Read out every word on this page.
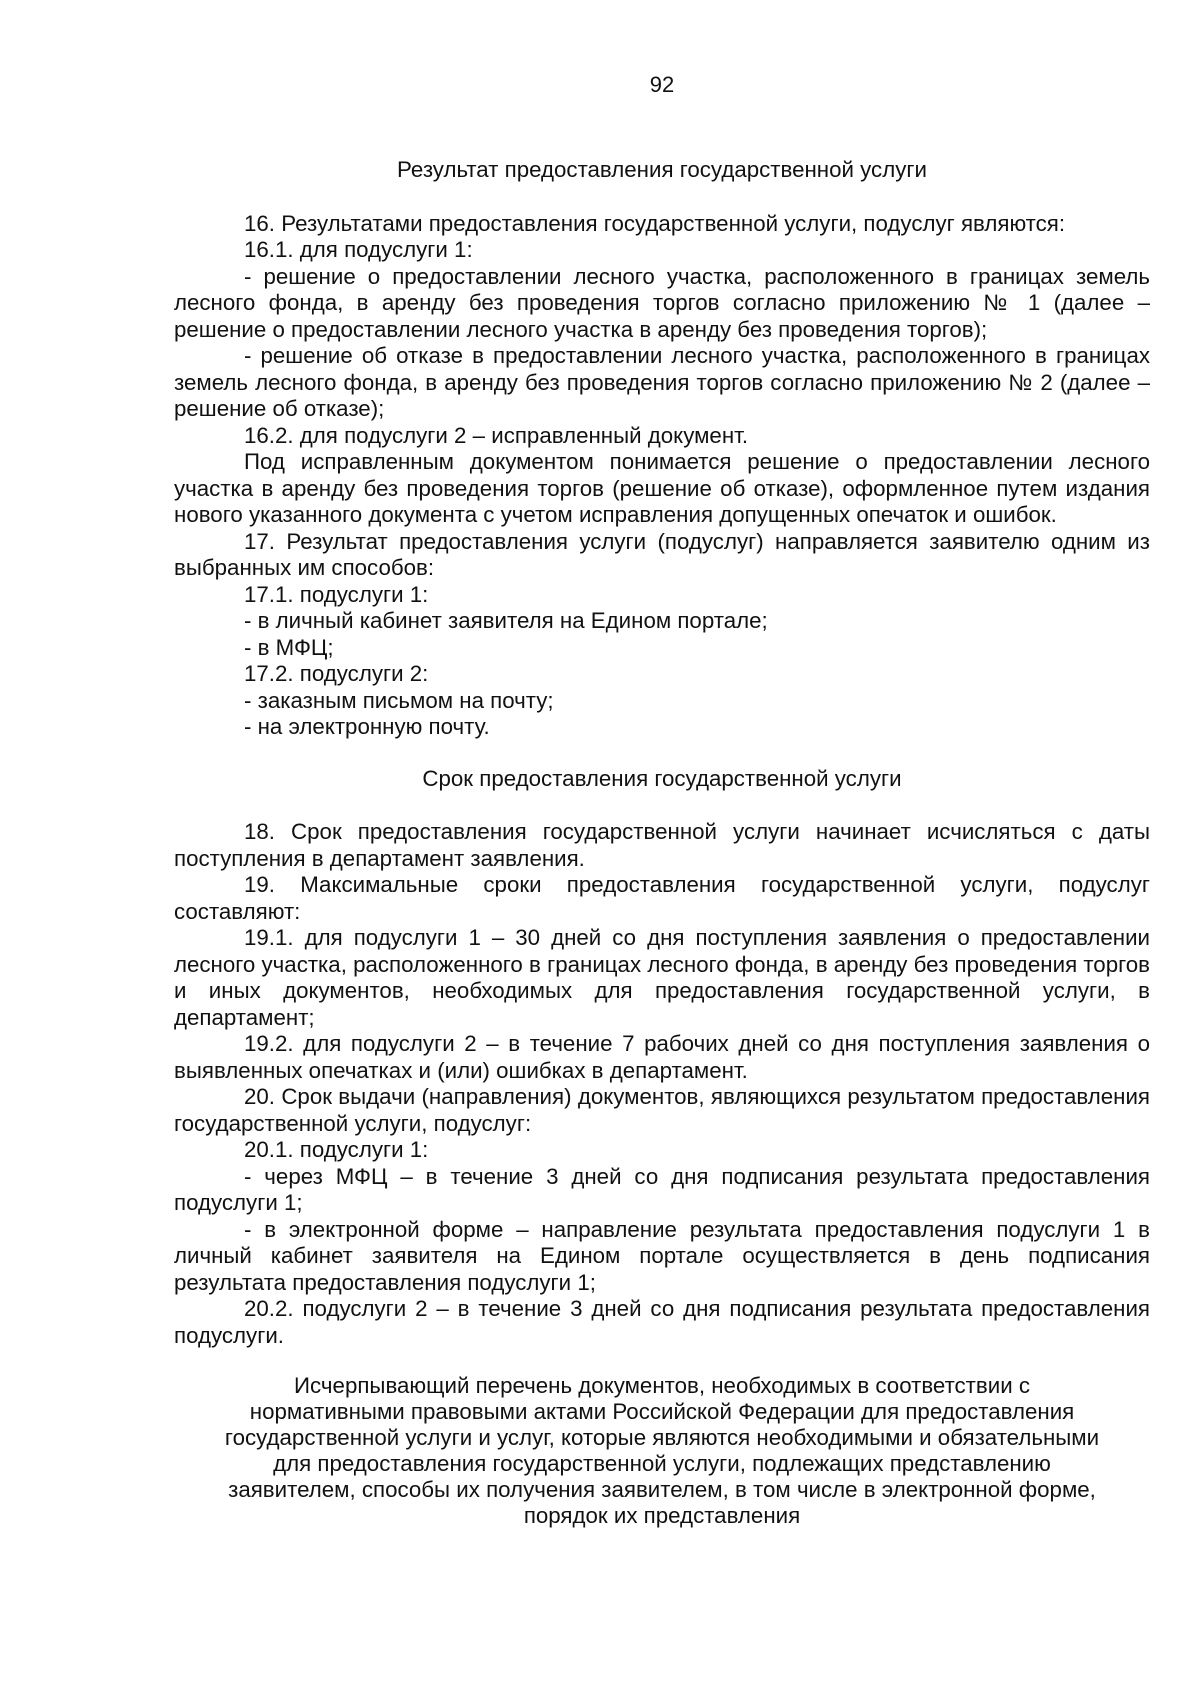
92
Результат предоставления государственной услуги

16. Результатами предоставления государственной услуги, подуслуг являются:

16.1. для подуслуги 1:

- решение о предоставлении лесного участка, расположенного в границах земель лесного фонда, в аренду без проведения торгов согласно приложению № 1 (далее – решение о предоставлении лесного участка в аренду без проведения торгов);

- решение об отказе в предоставлении лесного участка, расположенного в границах земель лесного фонда, в аренду без проведения торгов согласно приложению № 2 (далее – решение об отказе);

16.2. для подуслуги 2 – исправленный документ.

Под исправленным документом понимается решение о предоставлении лесного участка в аренду без проведения торгов (решение об отказе), оформленное путем издания нового указанного документа с учетом исправления допущенных опечаток и ошибок.

17. Результат предоставления услуги (подуслуг) направляется заявителю одним из выбранных им способов:

17.1. подуслуги 1:

- в личный кабинет заявителя на Едином портале;

- в МФЦ;

17.2. подуслуги 2:

- заказным письмом на почту;

- на электронную почту.

Срок предоставления государственной услуги

18. Срок предоставления государственной услуги начинает исчисляться с даты поступления в департамент заявления.

19. Максимальные сроки предоставления государственной услуги, подуслуг составляют:

19.1. для подуслуги 1 – 30 дней со дня поступления заявления о предоставлении лесного участка, расположенного в границах лесного фонда, в аренду без проведения торгов и иных документов, необходимых для предоставления государственной услуги, в департамент;

19.2. для подуслуги 2 – в течение 7 рабочих дней со дня поступления заявления о выявленных опечатках и (или) ошибках в департамент.

20. Срок выдачи (направления) документов, являющихся результатом предоставления государственной услуги, подуслуг:

20.1. подуслуги 1:

- через МФЦ – в течение 3 дней со дня подписания результата предоставления подуслуги 1;

- в электронной форме – направление результата предоставления подуслуги 1 в личный кабинет заявителя на Едином портале осуществляется в день подписания результата предоставления подуслуги 1;

20.2. подуслуги 2 – в течение 3 дней со дня подписания результата предоставления подуслуги.

Исчерпывающий перечень документов, необходимых в соответствии с
нормативными правовыми актами Российской Федерации для предоставления
государственной услуги и услуг, которые являются необходимыми и обязательными
для предоставления государственной услуги, подлежащих представлению
заявителем, способы их получения заявителем, в том числе в электронной форме,
порядок их представления
